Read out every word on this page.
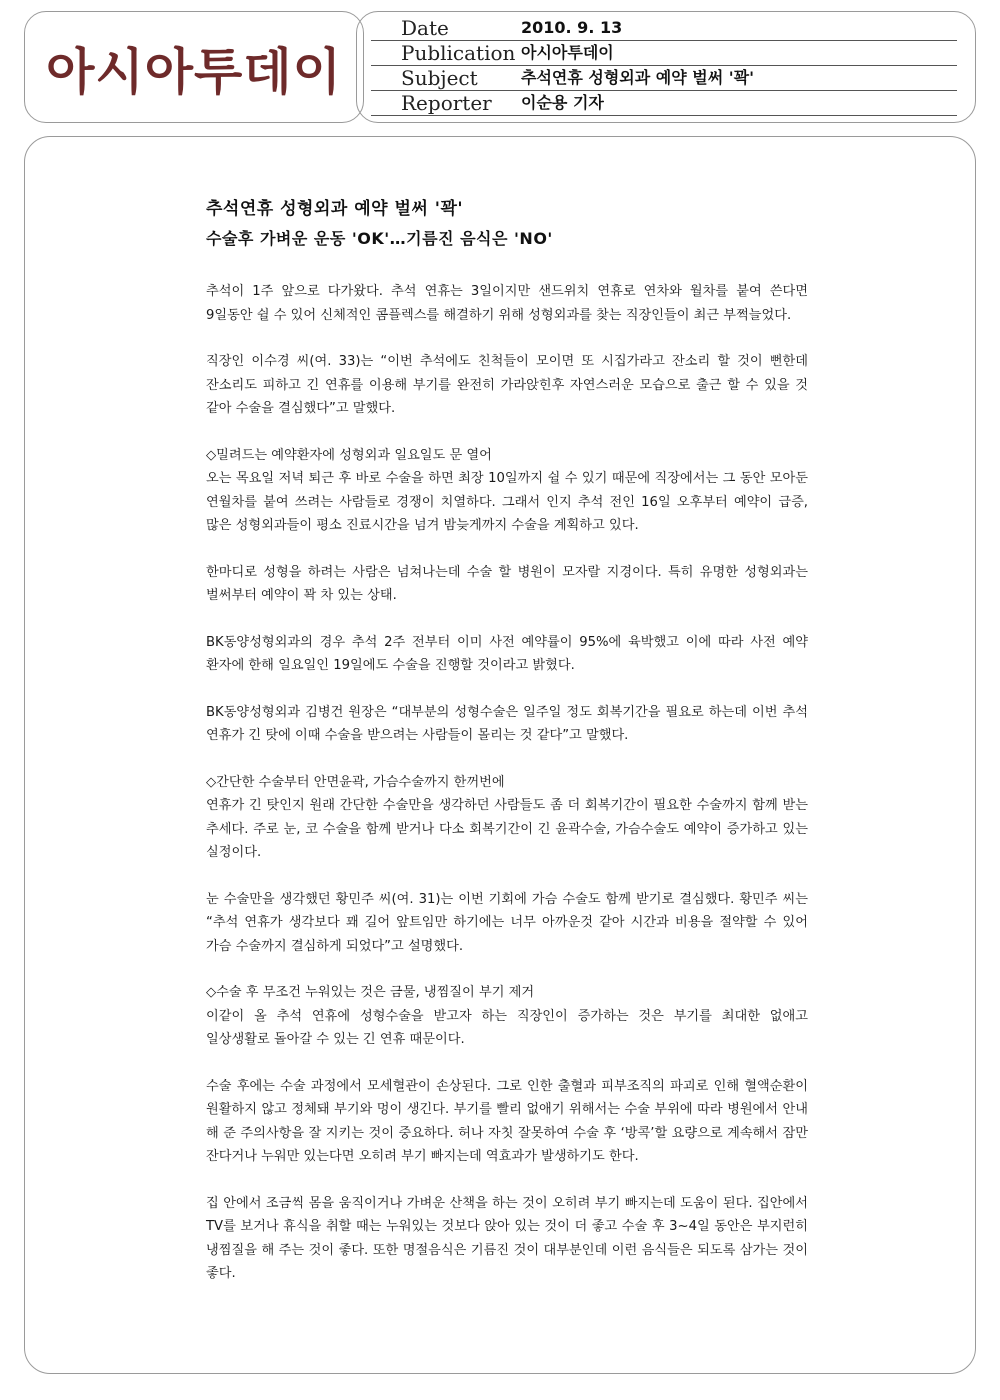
아시아투데이
Date	2010. 9. 13
Publication 아시아투데이
Subject	추석연휴 성형외과 예약 벌써 '꽉'
Reporter 이순용 기자
추석연휴 성형외과 예약 벌써 '꽉'
수술후 가벼운 운동 'OK'…기름진 음식은 'NO'

추석이 1주 앞으로 다가왔다. 추석 연휴는 3일이지만 샌드위치 연휴로 연차와 월차를 붙여 쓴다면 9일동안 쉴 수 있어 신체적인 콤플렉스를 해결하기 위해 성형외과를 찾는 직장인들이 최근 부쩍늘었다.

직장인 이수경 씨(여. 33)는 “이번 추석에도 친척들이 모이면 또 시집가라고 잔소리 할 것이 뻔한데 잔소리도 피하고 긴 연휴를 이용해 부기를 완전히 가라앉힌후 자연스러운 모습으로 출근 할 수 있을 것 같아 수술을 결심했다”고 말했다.

◇밀려드는 예약환자에 성형외과 일요일도 문 열어

오는 목요일 저녁 퇴근 후 바로 수술을 하면 최장 10일까지 쉴 수 있기 때문에 직장에서는 그 동안 모아둔 연월차를 붙여 쓰려는 사람들로 경쟁이 치열하다. 그래서 인지 추석 전인 16일 오후부터 예약이 급증, 많은 성형외과들이 평소 진료시간을 넘겨 밤늦게까지 수술을 계획하고 있다.

한마디로 성형을 하려는 사람은 넘쳐나는데 수술 할 병원이 모자랄 지경이다. 특히 유명한 성형외과는 벌써부터 예약이 꽉 차 있는 상태.

BK동양성형외과의 경우 추석 2주 전부터 이미 사전 예약률이 95%에 육박했고 이에 따라 사전 예약 환자에 한해 일요일인 19일에도 수술을 진행할 것이라고 밝혔다.

BK동양성형외과 김병건 원장은 “대부분의 성형수술은 일주일 정도 회복기간을 필요로 하는데 이번 추석 연휴가 긴 탓에 이때 수술을 받으려는 사람들이 몰리는 것 같다”고 말했다.

◇간단한 수술부터 안면윤곽, 가슴수술까지 한꺼번에

연휴가 긴 탓인지 원래 간단한 수술만을 생각하던 사람들도 좀 더 회복기간이 필요한 수술까지 함께 받는 추세다. 주로 눈, 코 수술을 함께 받거나 다소 회복기간이 긴 윤곽수술, 가슴수술도 예약이 증가하고 있는 실정이다.

눈 수술만을 생각했던 황민주 씨(여. 31)는 이번 기회에 가슴 수술도 함께 받기로 결심했다. 황민주 씨는 “추석 연휴가 생각보다 꽤 길어 앞트임만 하기에는 너무 아까운것 같아 시간과 비용을 절약할 수 있어 가슴 수술까지 결심하게 되었다”고 설명했다.

◇수술 후 무조건 누워있는 것은 금물, 냉찜질이 부기 제거

이같이 올 추석 연휴에 성형수술을 받고자 하는 직장인이 증가하는 것은 부기를 최대한 없애고 일상생활로 돌아갈 수 있는 긴 연휴 때문이다.

수술 후에는 수술 과정에서 모세혈관이 손상된다. 그로 인한 출혈과 피부조직의 파괴로 인해 혈액순환이 원활하지 않고 정체돼 부기와 멍이 생긴다. 부기를 빨리 없애기 위해서는 수술 부위에 따라 병원에서 안내 해 준 주의사항을 잘 지키는 것이 중요하다. 허나 자칫 잘못하여 수술 후 ‘방콕’할 요량으로 계속해서 잠만 잔다거나 누워만 있는다면 오히려 부기 빠지는데 역효과가 발생하기도 한다.

집 안에서 조금씩 몸을 움직이거나 가벼운 산책을 하는 것이 오히려 부기 빠지는데 도움이 된다. 집안에서 TV를 보거나 휴식을 취할 때는 누워있는 것보다 앉아 있는 것이 더 좋고 수술 후 3~4일 동안은 부지런히 냉찜질을 해 주는 것이 좋다. 또한 명절음식은 기름진 것이 대부분인데 이런 음식들은 되도록 삼가는 것이 좋다.
